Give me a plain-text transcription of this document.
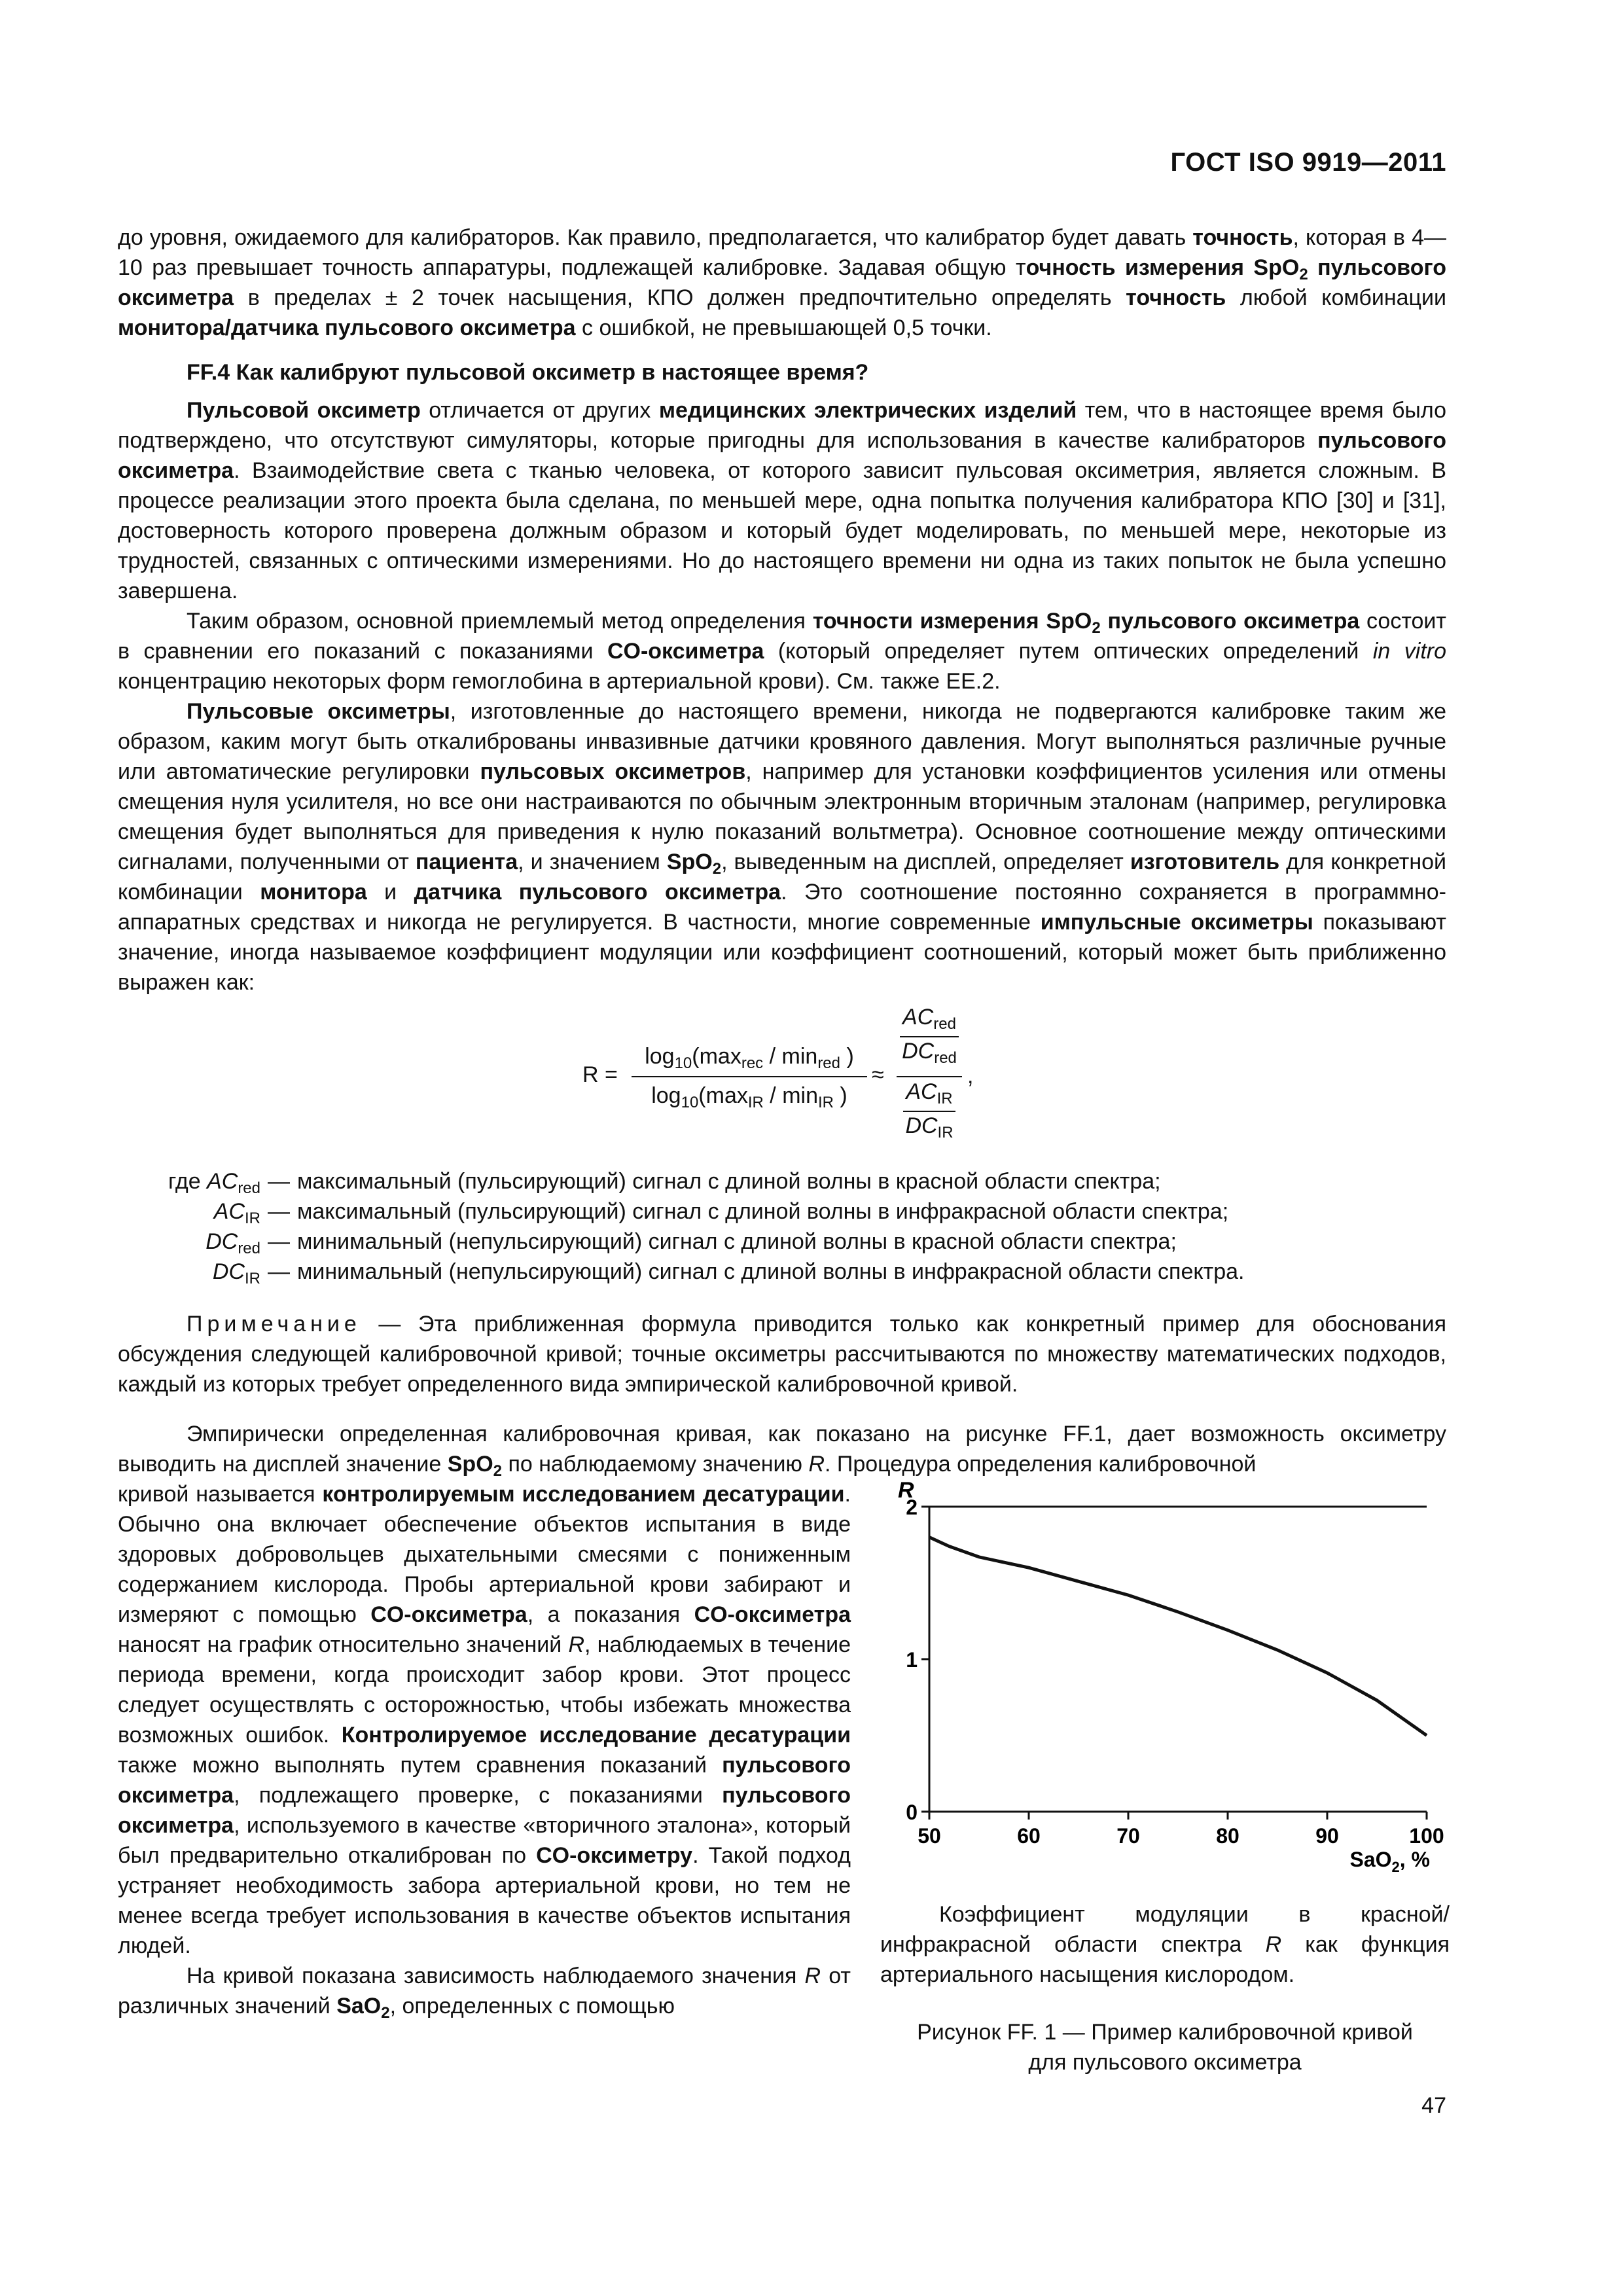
ГОСТ ISO 9919—2011

до уровня, ожидаемого для калибраторов. Как правило, предполагается, что калибратор будет давать точность, которая в 4—10 раз превышает точность аппаратуры, подлежащей калибровке. Задавая общую точность измерения SpO$_2$ пульсового оксиметра в пределах ± 2 точек насыщения, КПО должен предпочтительно определять точность любой комбинации монитора/датчика пульсового оксиметра с ошибкой, не превышающей 0,5 точки.

FF.4 Как калибруют пульсовой оксиметр в настоящее время?

Пульсовой оксиметр отличается от других медицинских электрических изделий тем, что в настоящее время было подтверждено, что отсутствуют симуляторы, которые пригодны для использования в качестве калибраторов пульсового оксиметра. Взаимодействие света с тканью человека, от которого зависит пульсовая оксиметрия, является сложным. В процессе реализации этого проекта была сделана, по меньшей мере, одна попытка получения калибратора КПО [30] и [31], достоверность которого проверена должным образом и который будет моделировать, по меньшей мере, некоторые из трудностей, связанных с оптическими измерениями. Но до настоящего времени ни одна из таких попыток не была успешно завершена.

Таким образом, основной приемлемый метод определения точности измерения SpO$_2$ пульсового оксиметра состоит в сравнении его показаний с показаниями CO-оксиметра (который определяет путем оптических определений in vitro концентрацию некоторых форм гемоглобина в артериальной крови). См. также ЕЕ.2.

Пульсовые оксиметры, изготовленные до настоящего времени, никогда не подвергаются калибровке таким же образом, каким могут быть откалиброваны инвазивные датчики кровяного давления. Могут выполняться различные ручные или автоматические регулировки пульсовых оксиметров, например для установки коэффициентов усиления или отмены смещения нуля усилителя, но все они настраиваются по обычным электронным вторичным эталонам (например, регулировка смещения будет выполняться для приведения к нулю показаний вольтметра). Основное соотношение между оптическими сигналами, полученными от пациента, и значением SpO$_2$, выведенным на дисплей, определяет изготовитель для конкретной комбинации монитора и датчика пульсового оксиметра. Это соотношение постоянно сохраняется в программно-аппаратных средствах и никогда не регулируется. В частности, многие современные импульсные оксиметры показывают значение, иногда называемое коэффициент модуляции или коэффициент соотношений, который может быть приближенно выражен как:

R =
$\log_{10}(\max_{rec} / \min_{red}$ )
$\log_{10}(\max_{IR} / \min_{IR}$ )
≈
$AC_{red}$
$DC_{red}$
$AC_{IR}$
$DC_{IR}$
,
где $AC_{red}$ — максимальный (пульсирующий) сигнал с длиной волны в красной области спектра;
$AC_{IR}$ — максимальный (пульсирующий) сигнал с длиной волны в инфракрасной области спектра;
$DC_{red}$ — минимальный (непульсирующий) сигнал с длиной волны в красной области спектра;
$DC_{IR}$ — минимальный (непульсирующий) сигнал с длиной волны в инфракрасной области спектра.
Примечание — Эта приближенная формула приводится только как конкретный пример для обоснования обсуждения следующей калибровочной кривой; точные оксиметры рассчитываются по множеству математических подходов, каждый из которых требует определенного вида эмпирической калибровочной кривой.
Эмпирически определенная калибровочная кривая, как показано на рисунке FF.1, дает возможность оксиметру выводить на дисплей значение SpO$_2$ по наблюдаемому значению R. Процедура определения калибровочной

кривой называется контролируемым исследованием десатурации. Обычно она включает обеспечение объектов испытания в виде здоровых добровольцев дыхательными смесями с пониженным содержанием кислорода. Пробы артериальной крови забирают и измеряют с помощью CO-оксиметра, а показания CO-оксиметра наносят на график относительно значений R, наблюдаемых в течение периода времени, когда происходит забор крови. Этот процесс следует осуществлять с осторожностью, чтобы избежать множества возможных ошибок. Контролируемое исследование десатурации также можно выполнять путем сравнения показаний пульсового оксиметра, подлежащего проверке, с показаниями пульсового оксиметра, используемого в качестве «вторичного эталона», который был предварительно откалиброван по CO-оксиметру. Такой подход устраняет необходимость забора артериальной крови, но тем не менее всегда требует использования в качестве объектов испытания людей.

На кривой показана зависимость наблюдаемого значения R от различных значений SaO$_2$, определенных с помощью

R
0
1
2
50	60	70	80	90	100
SaO$_2$, %
Коэффициент модуляции в красной/инфракрасной области спектра R как функция артериального насыщения кислородом.
Рисунок FF. 1 — Пример калибровочной кривой
для пульсового оксиметра
47
